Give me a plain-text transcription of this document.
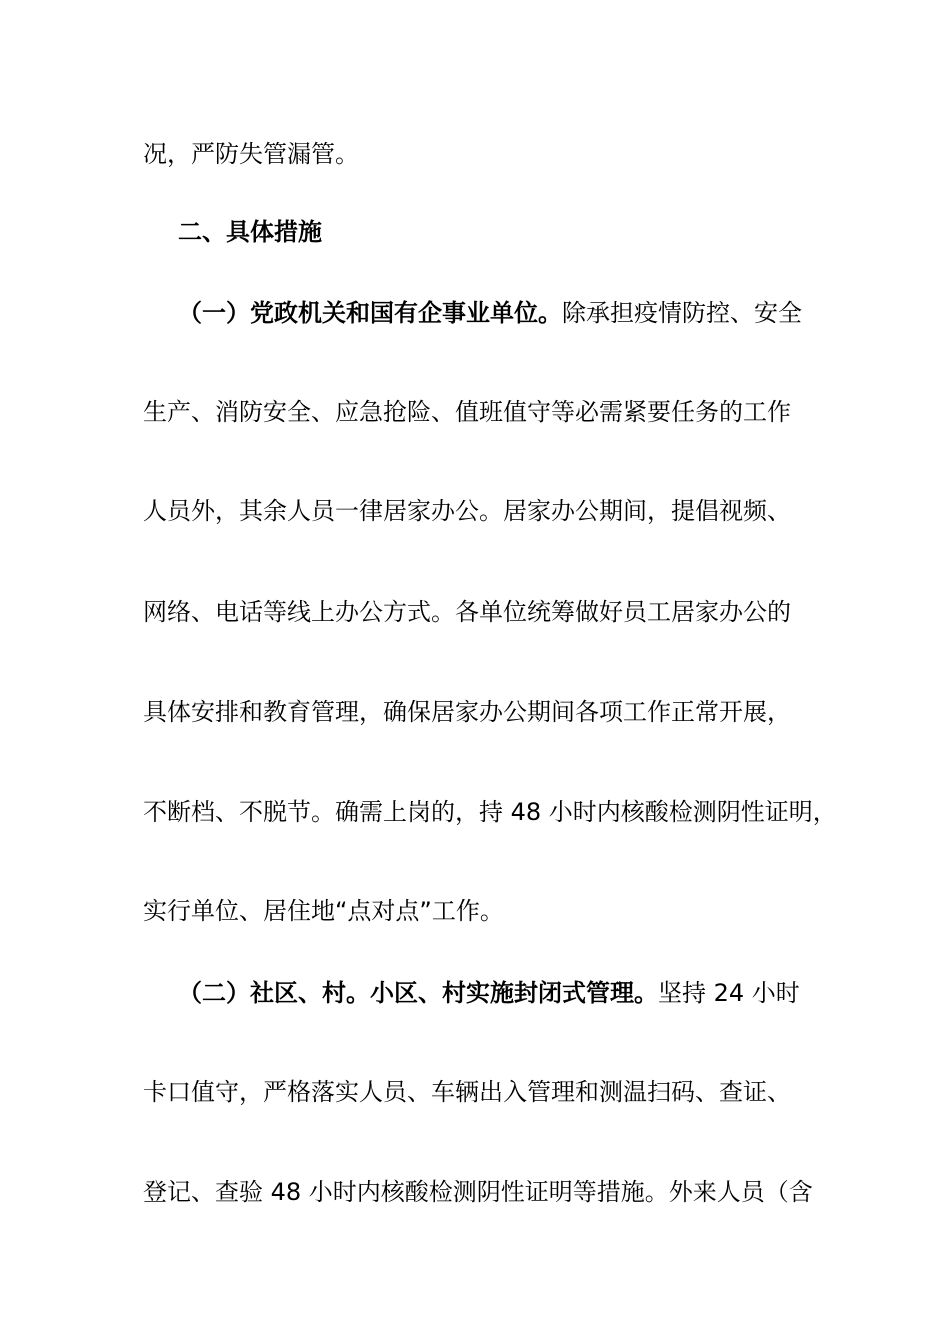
况，严防失管漏管。
二、具体措施
（一）党政机关和国有企事业单位。除承担疫情防控、安全
生产、消防安全、应急抢险、值班值守等必需紧要任务的工作
人员外，其余人员一律居家办公。居家办公期间，提倡视频、
网络、电话等线上办公方式。各单位统筹做好员工居家办公的
具体安排和教育管理，确保居家办公期间各项工作正常开展，
不断档、不脱节。确需上岗的，持 48 小时内核酸检测阴性证明，
实行单位、居住地“点对点”工作。
（二）社区、村。小区、村实施封闭式管理。坚持 24 小时
卡口值守，严格落实人员、车辆出入管理和测温扫码、查证、
登记、查验 48 小时内核酸检测阴性证明等措施。外来人员（含
